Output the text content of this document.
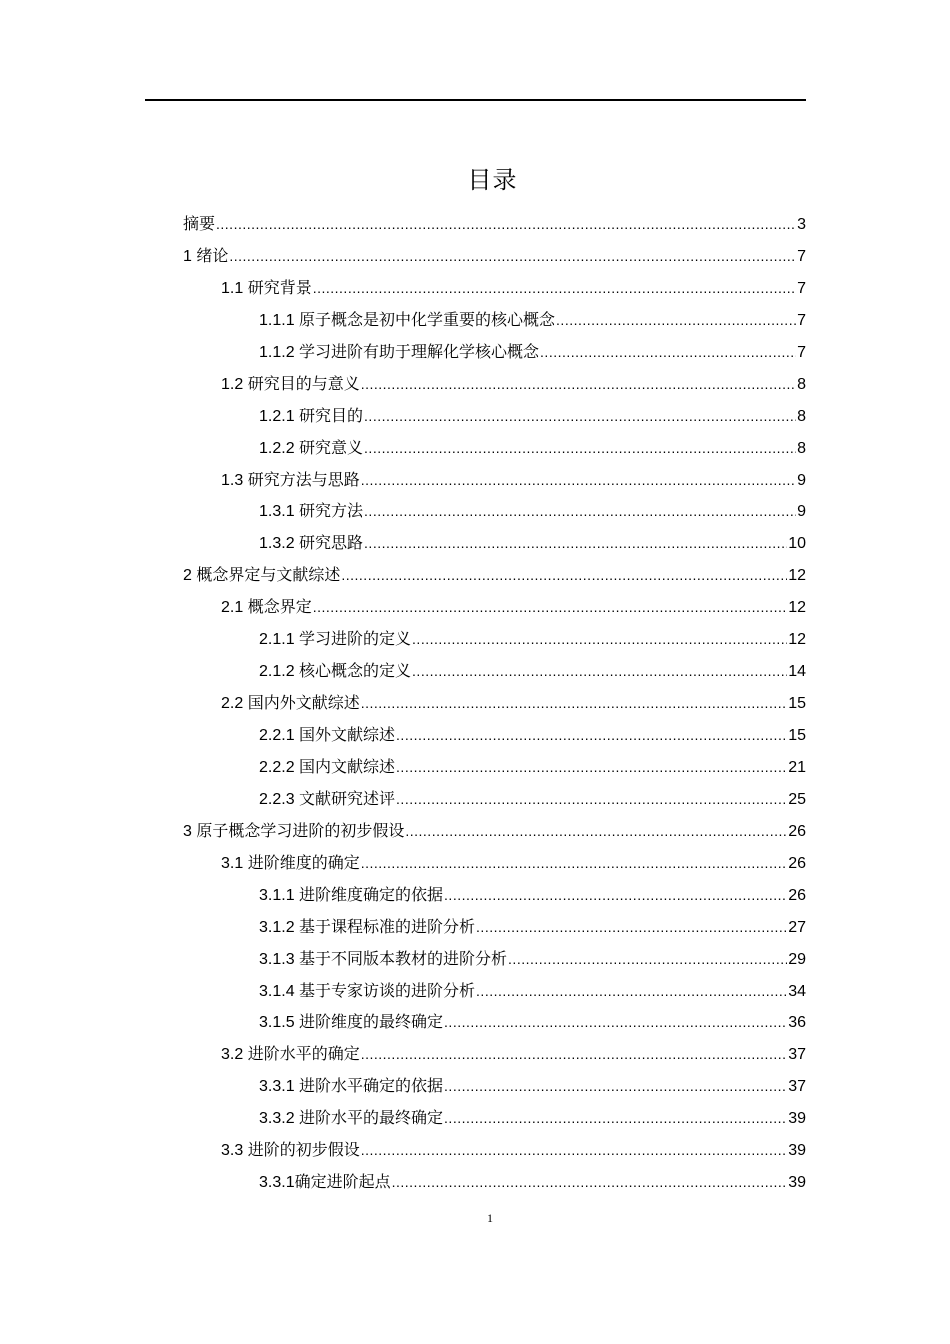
目录
摘要 .....	3
1 绪论 .....	7
1.1 研究背景 .....	7
1.1.1 原子概念是初中化学重要的核心概念 .....	7
1.1.2 学习进阶有助于理解化学核心概念 .....	7
1.2 研究目的与意义 .....	8
1.2.1 研究目的 .....	8
1.2.2 研究意义 .....	8
1.3 研究方法与思路 .....	9
1.3.1 研究方法 .....	9
1.3.2 研究思路 .....	10
2 概念界定与文献综述 .....	12
2.1 概念界定 .....	12
2.1.1 学习进阶的定义 .....	12
2.1.2 核心概念的定义 .....	14
2.2 国内外文献综述 .....	15
2.2.1 国外文献综述 .....	15
2.2.2 国内文献综述 .....	21
2.2.3 文献研究述评 .....	25
3 原子概念学习进阶的初步假设 .....	26
3.1 进阶维度的确定 .....	26
3.1.1 进阶维度确定的依据 .....	26
3.1.2 基于课程标准的进阶分析 .....	27
3.1.3 基于不同版本教材的进阶分析 .....	29
3.1.4 基于专家访谈的进阶分析 .....	34
3.1.5 进阶维度的最终确定 .....	36
3.2 进阶水平的确定 .....	37
3.3.1 进阶水平确定的依据 .....	37
3.3.2 进阶水平的最终确定 .....	39
3.3 进阶的初步假设 .....	39
3.3.1 确定进阶起点 .....	39
1
